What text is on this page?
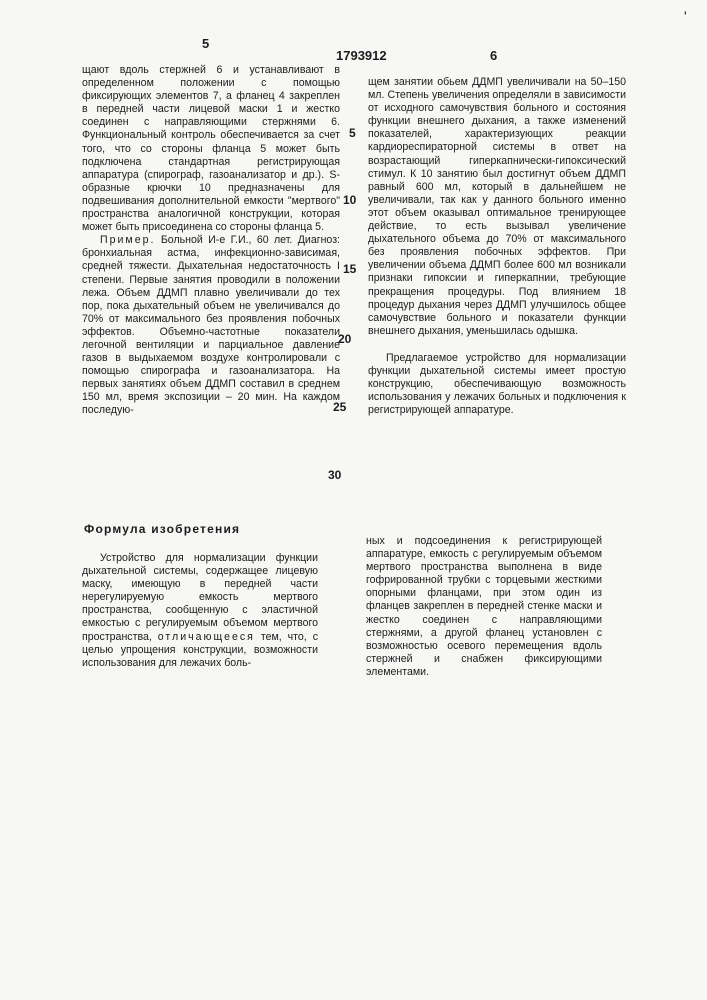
5
1793912	6
'

щают вдоль стержней 6 и устанавливают в определенном положении с помощью фиксирующих элементов 7, а фланец 4 закреплен в передней части лицевой маски 1 и жестко соединен с направляющими стержнями 6. Функциональный контроль обеспечивается за счет того, что со стороны фланца 5 может быть подключена стандартная регистрирующая аппаратура (спирограф, газоанализатор и др.). S-образные крючки 10 предназначены для подвешивания дополнительной емкости "мертвого" пространства аналогичной конструкции, которая может быть присоединена со стороны фланца 5.

Пример. Больной И-е Г.И., 60 лет. Диагноз: бронхиальная астма, инфекционно-зависимая, средней тяжести. Дыхательная недостаточность I степени. Первые занятия проводили в положении лежа. Объем ДДМП плавно увеличивали до тех пор, пока дыхательный объем не увеличивался до 70% от максимального без проявления побочных эффектов. Объемно-частотные показатели легочной вентиляции и парциальное давление газов в выдыхаемом воздухе контролировали с помощью спирографа и газоанализатора. На первых занятиях объем ДДМП составил в среднем 150 мл, время экспозиции – 20 мин. На каждом последую-

5
10
15
20
25
30

щем занятии обьем ДДМП увеличивали на 50–150 мл. Степень увеличения определяли в зависимости от исходного самочувствия больного и состояния функции внешнего дыхания, а также изменений показателей, характеризующих реакции кардиореспираторной системы в ответ на возрастающий гиперкапнически-гипоксический стимул. К 10 занятию был достигнут объем ДДМП равный 600 мл, который в дальнейшем не увеличивали, так как у данного больного именно этот объем оказывал оптимальное тренирующее действие, то есть вызывал увеличение дыхательного объема до 70% от максимального без проявления побочных эффектов. При увеличении объема ДДМП более 600 мл возникали признаки гипоксии и гиперкапнии, требующие прекращения процедуры. Под влиянием 18 процедур дыхания через ДДМП улучшилось общее самочувствие больного и показатели функции внешнего дыхания, уменьшилась одышка.

Предлагаемое устройство для нормализации функции дыхательной системы имеет простую конструкцию, обеспечивающую возможность использования у лежачих больных и подключения к регистрирующей аппаратуре.

Формула изобретения

Устройство для нормализации функции дыхательной системы, содержащее лицевую маску, имеющую в передней части нерегулируемую емкость мертвого пространства, сообщенную с эластичной емкостью с регулируемым объемом мертвого пространства, отличающееся тем, что, с целью упрощения конструкции, возможности использования для лежачих боль-

ных и подсоединения к регистрирующей аппаратуре, емкость с регулируемым объемом мертвого пространства выполнена в виде гофрированной трубки с торцевыми жесткими опорными фланцами, при этом один из фланцев закреплен в передней стенке маски и жестко соединен с направляющими стержнями, а другой фланец установлен с возможностью осевого перемещения вдоль стержней и снабжен фиксирующими элементами.
